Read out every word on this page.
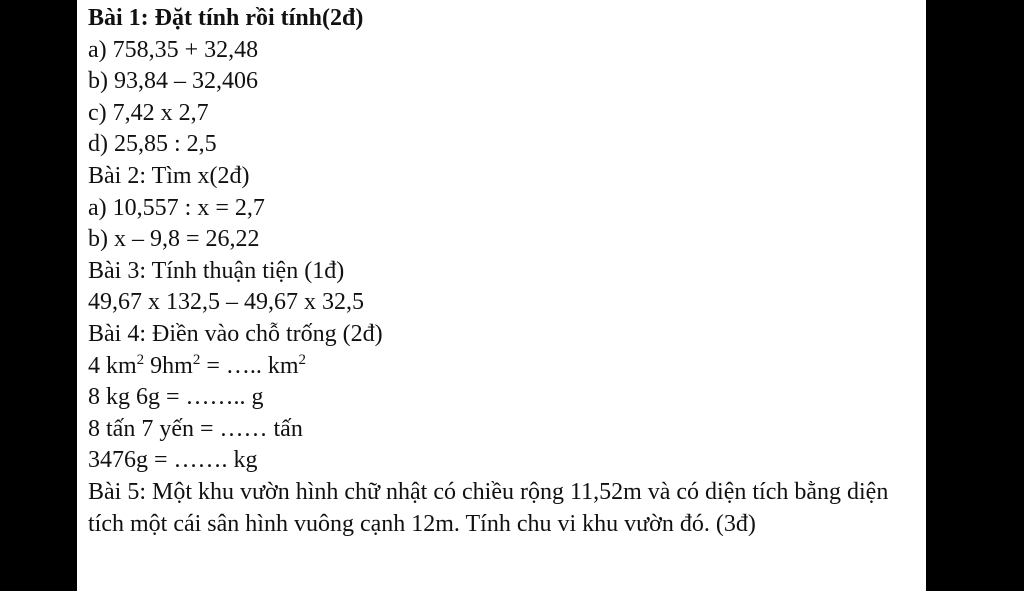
Bài 1: Đặt tính rồi tính(2đ)
a) 758,35 + 32,48
b) 93,84 – 32,406
c) 7,42 x 2,7
d) 25,85 : 2,5
Bài 2: Tìm x(2đ)
a) 10,557 : x = 2,7
b) x – 9,8 = 26,22
Bài 3: Tính thuận tiện (1đ)
49,67 x 132,5 – 49,67 x 32,5
Bài 4: Điền vào chỗ trống (2đ)
4 $km^2$ $9hm^2$ = ….. $km^2$
8 kg 6g = …….. g
8 tấn 7 yến = …… tấn
3476g = ……. kg
Bài 5: Một khu vườn hình chữ nhật có chiều rộng 11,52m và có diện tích bằng diện tích một cái sân hình vuông cạnh 12m. Tính chu vi khu vườn đó. (3đ)
